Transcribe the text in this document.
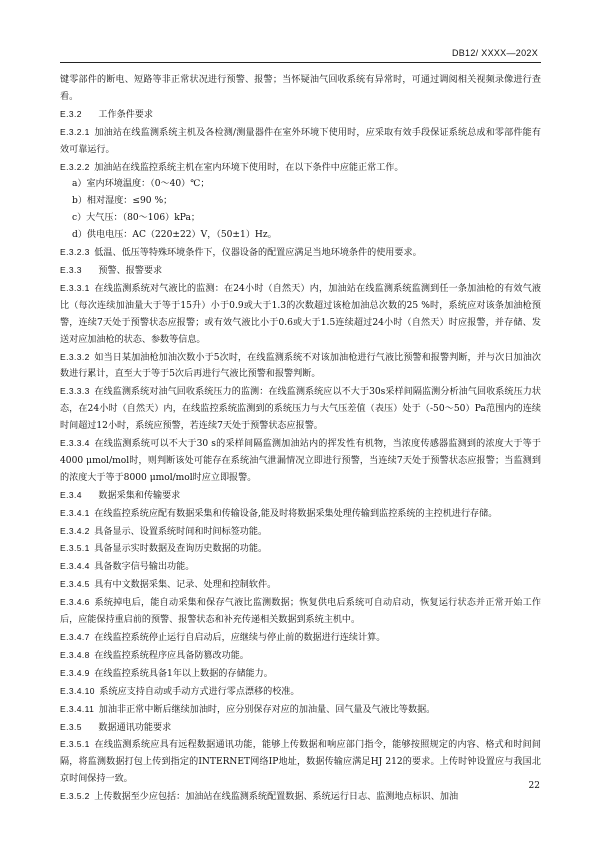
DB12/ XXXX—202X
键零部件的断电、短路等非正常状况进行预警、报警；当怀疑油气回收系统有异常时，可通过调阅相关视频录像进行查看。
E.3.2  工作条件要求
E.3.2.1  加油站在线监测系统主机及各检测/测量器件在室外环境下使用时，应采取有效手段保证系统总成和零部件能有效可靠运行。
E.3.2.2  加油站在线监控系统主机在室内环境下使用时，在以下条件中应能正常工作。
a）室内环境温度：（0～40）℃；
b）相对湿度：≤90 %；
c）大气压：（80～106）kPa；
d）供电电压：AC（220±22）V，（50±1）Hz。
E.3.2.3  低温、低压等特殊环境条件下，仪器设备的配置应满足当地环境条件的使用要求。
E.3.3  预警、报警要求
E.3.3.1  在线监测系统对气液比的监测：在24小时（自然天）内，加油站在线监测系统监测到任一条加油枪的有效气液比（每次连续加油量大于等于15升）小于0.9或大于1.3的次数超过该枪加油总次数的25 %时，系统应对该条加油枪预警，连续7天处于预警状态应报警；或有效气液比小于0.6或大于1.5连续超过24小时（自然天）时应报警，并存储、发送对应加油枪的状态、参数等信息。
E.3.3.2  如当日某加油枪加油次数小于5次时，在线监测系统不对该加油枪进行气液比预警和报警判断，并与次日加油次数进行累计，直至大于等于5次后再进行气液比预警和报警判断。
E.3.3.3  在线监测系统对油气回收系统压力的监测：在线监测系统应以不大于30s采样间隔监测分析油气回收系统压力状态，在24小时（自然天）内，在线监控系统监测到的系统压力与大气压差值（表压）处于（-50～50）Pa范围内的连续时间超过12小时，系统应预警，若连续7天处于预警状态应报警。
E.3.3.4  在线监测系统可以不大于30 s的采样间隔监测加油站内的挥发性有机物，当浓度传感器监测到的浓度大于等于4000 μmol/mol时，则判断该处可能存在系统油气泄漏情况立即进行预警，当连续7天处于预警状态应报警；当监测到的浓度大于等于8000 μmol/mol时应立即报警。
E.3.4  数据采集和传输要求
E.3.4.1  在线监控系统应配有数据采集和传输设备,能及时将数据采集处理传输到监控系统的主控机进行存储。
E.3.4.2  具备显示、设置系统时间和时间标签功能。
E.3.5.1  具备显示实时数据及查询历史数据的功能。
E.3.4.4  具备数字信号输出功能。
E.3.4.5  具有中文数据采集、记录、处理和控制软件。
E.3.4.6  系统掉电后，能自动采集和保存气液比监测数据；恢复供电后系统可自动启动，恢复运行状态并正常开始工作后，应能保持重启前的预警、报警状态和补充传递相关数据到系统主机中。
E.3.4.7  在线监控系统停止运行自启动后，应继续与停止前的数据进行连续计算。
E.3.4.8  在线监控系统程序应具备防篡改功能。
E.3.4.9  在线监控系统具备1年以上数据的存储能力。
E.3.4.10  系统应支持自动或手动方式进行零点漂移的校准。
E.3.4.11  加油非正常中断后继续加油时，应分别保存对应的加油量、回气量及气液比等数据。
E.3.5  数据通讯功能要求
E.3.5.1  在线监测系统应具有远程数据通讯功能，能够上传数据和响应部门指令，能够按照规定的内容、格式和时间间隔，将监测数据打包上传到指定的INTERNET网络IP地址，数据传输应满足HJ 212的要求。上传时钟设置应与我国北京时间保持一致。
E.3.5.2  上传数据至少应包括：加油站在线监测系统配置数据、系统运行日志、监测地点标识、加油
22
